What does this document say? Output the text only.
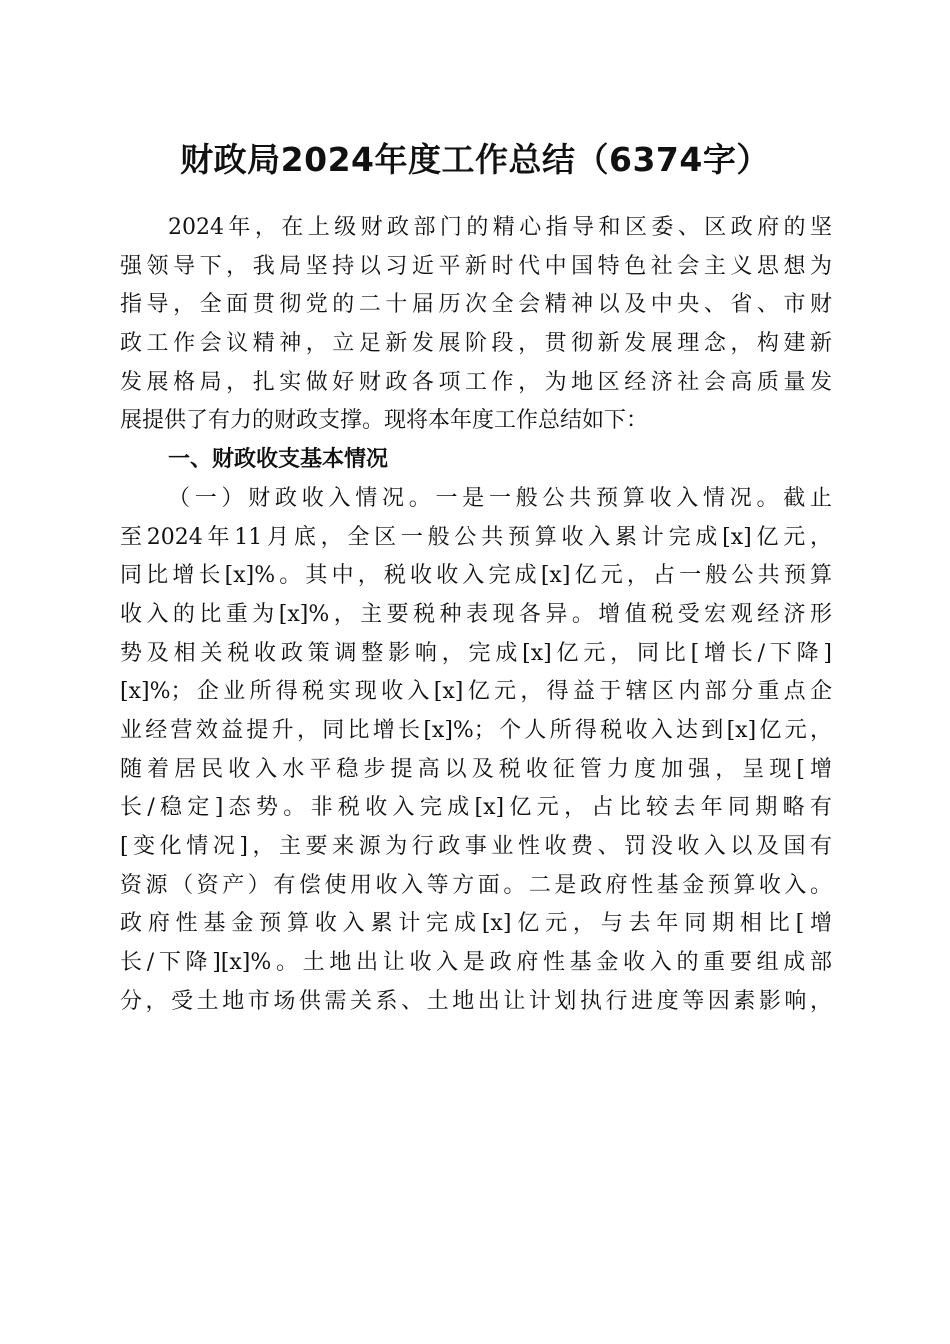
财政局2024年度工作总结（6374字）
2024年，在上级财政部门的精心指导和区委、区政府的坚
强领导下，我局坚持以习近平新时代中国特色社会主义思想为
指导，全面贯彻党的二十届历次全会精神以及中央、省、市财
政工作会议精神，立足新发展阶段，贯彻新发展理念，构建新
发展格局，扎实做好财政各项工作，为地区经济社会高质量发
展提供了有力的财政支撑。现将本年度工作总结如下：
一、财政收支基本情况
（一）财政收入情况。一是一般公共预算收入情况。截止
至2024年11月底，全区一般公共预算收入累计完成[x]亿元，
同比增长[x]%。其中，税收收入完成[x]亿元，占一般公共预算
收入的比重为[x]%，主要税种表现各异。增值税受宏观经济形
势及相关税收政策调整影响，完成[x]亿元，同比[增长/下降]
[x]%；企业所得税实现收入[x]亿元，得益于辖区内部分重点企
业经营效益提升，同比增长[x]%；个人所得税收入达到[x]亿元，
随着居民收入水平稳步提高以及税收征管力度加强，呈现[增
长/稳定]态势。非税收入完成[x]亿元，占比较去年同期略有
[变化情况]，主要来源为行政事业性收费、罚没收入以及国有
资源（资产）有偿使用收入等方面。二是政府性基金预算收入。
政府性基金预算收入累计完成[x]亿元，与去年同期相比[增
长/下降][x]%。土地出让收入是政府性基金收入的重要组成部
分，受土地市场供需关系、土地出让计划执行进度等因素影响，
